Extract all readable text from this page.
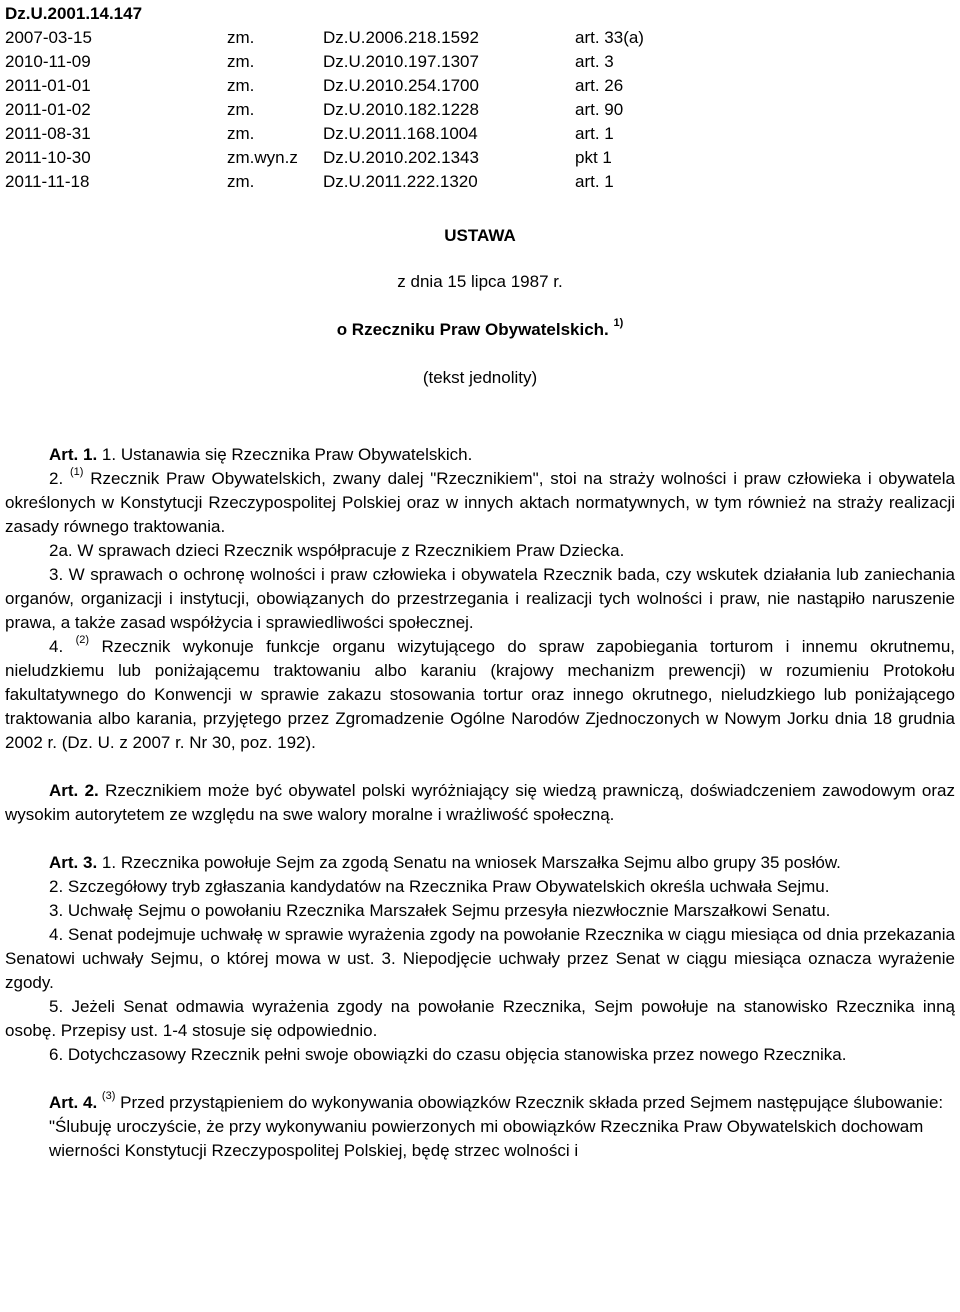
Dz.U.2001.14.147
2007-03-15	zm.	Dz.U.2006.218.1592	art. 33(a)
2010-11-09	zm.	Dz.U.2010.197.1307	art. 3
2011-01-01	zm.	Dz.U.2010.254.1700	art. 26
2011-01-02	zm.	Dz.U.2010.182.1228	art. 90
2011-08-31	zm.	Dz.U.2011.168.1004	art. 1
2011-10-30	zm.wyn.z	Dz.U.2010.202.1343	pkt 1
2011-11-18	zm.	Dz.U.2011.222.1320	art. 1
USTAWA
z dnia 15 lipca 1987 r.
o Rzeczniku Praw Obywatelskich. $^{1)}$
(tekst jednolity)

Art. 1. 1. Ustanawia się Rzecznika Praw Obywatelskich.

2. $^{(1)}$ Rzecznik Praw Obywatelskich, zwany dalej "Rzecznikiem", stoi na straży wolności i praw człowieka i obywatela określonych w Konstytucji Rzeczypospolitej Polskiej oraz w innych aktach normatywnych, w tym również na straży realizacji zasady równego traktowania.

2a. W sprawach dzieci Rzecznik współpracuje z Rzecznikiem Praw Dziecka.

3. W sprawach o ochronę wolności i praw człowieka i obywatela Rzecznik bada, czy wskutek działania lub zaniechania organów, organizacji i instytucji, obowiązanych do przestrzegania i realizacji tych wolności i praw, nie nastąpiło naruszenie prawa, a także zasad współżycia i sprawiedliwości społecznej.

4. $^{(2)}$ Rzecznik wykonuje funkcje organu wizytującego do spraw zapobiegania torturom i innemu okrutnemu, nieludzkiemu lub poniżającemu traktowaniu albo karaniu (krajowy mechanizm prewencji) w rozumieniu Protokołu fakultatywnego do Konwencji w sprawie zakazu stosowania tortur oraz innego okrutnego, nieludzkiego lub poniżającego traktowania albo karania, przyjętego przez Zgromadzenie Ogólne Narodów Zjednoczonych w Nowym Jorku dnia 18 grudnia 2002 r. (Dz. U. z 2007 r. Nr 30, poz. 192).

Art. 2. Rzecznikiem może być obywatel polski wyróżniający się wiedzą prawniczą, doświadczeniem zawodowym oraz wysokim autorytetem ze względu na swe walory moralne i wrażliwość społeczną.

Art. 3. 1. Rzecznika powołuje Sejm za zgodą Senatu na wniosek Marszałka Sejmu albo grupy 35 posłów.

2. Szczegółowy tryb zgłaszania kandydatów na Rzecznika Praw Obywatelskich określa uchwała Sejmu.

3. Uchwałę Sejmu o powołaniu Rzecznika Marszałek Sejmu przesyła niezwłocznie Marszałkowi Senatu.

4. Senat podejmuje uchwałę w sprawie wyrażenia zgody na powołanie Rzecznika w ciągu miesiąca od dnia przekazania Senatowi uchwały Sejmu, o której mowa w ust. 3. Niepodjęcie uchwały przez Senat w ciągu miesiąca oznacza wyrażenie zgody.

5. Jeżeli Senat odmawia wyrażenia zgody na powołanie Rzecznika, Sejm powołuje na stanowisko Rzecznika inną osobę. Przepisy ust. 1-4 stosuje się odpowiednio.

6. Dotychczasowy Rzecznik pełni swoje obowiązki do czasu objęcia stanowiska przez nowego Rzecznika.

Art. 4. $^{(3)}$ Przed przystąpieniem do wykonywania obowiązków Rzecznik składa przed Sejmem następujące ślubowanie:

"Ślubuję uroczyście, że przy wykonywaniu powierzonych mi obowiązków Rzecznika Praw Obywatelskich dochowam wierności Konstytucji Rzeczypospolitej Polskiej, będę strzec wolności i
